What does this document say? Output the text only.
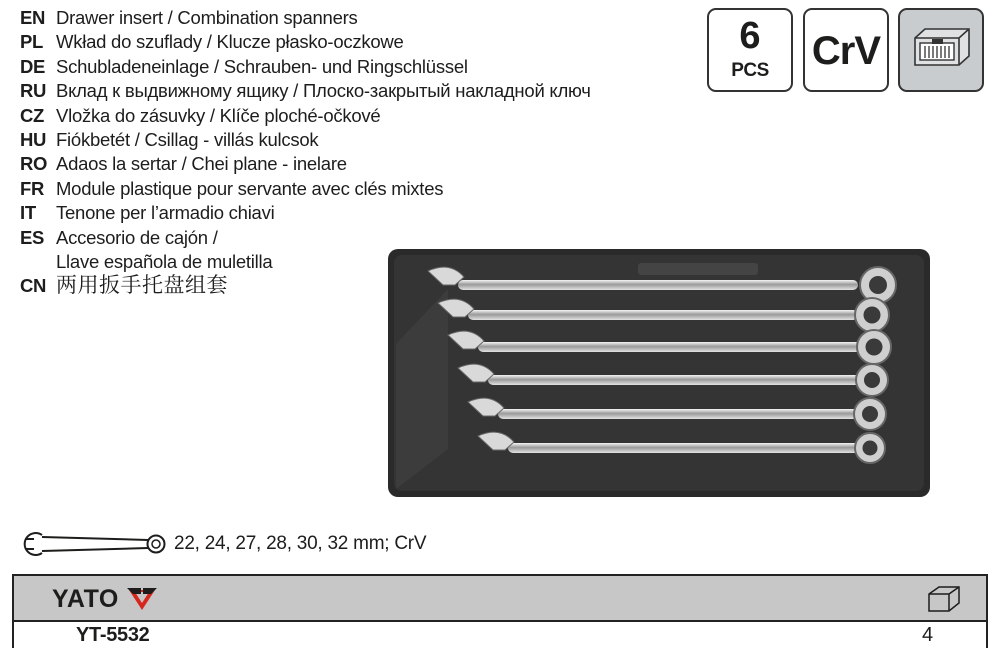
EN Drawer insert / Combination spanners
PL Wkład do szuflady / Klucze płasko-oczkowe
DE Schubladeneinlage / Schrauben- und Ringschlüssel
RU Вклад к выдвижному ящику / Плоско-закрытый накладной ключ
CZ Vložka do zásuvky / Klíče ploché-očkové
HU Fiókbetét / Csillag - villás kulcsok
RO Adaos la sertar / Chei plane - inelare
FR Module plastique pour servante avec clés mixtes
IT	Tenone per l’armadio chiavi
ES Accesorio de cajón /
Llave española de muletilla
CN 两用扳手托盘组套
6
PCS	CrV
22, 24, 27, 28, 30, 32 mm; CrV
YATO
YT-5532	4
